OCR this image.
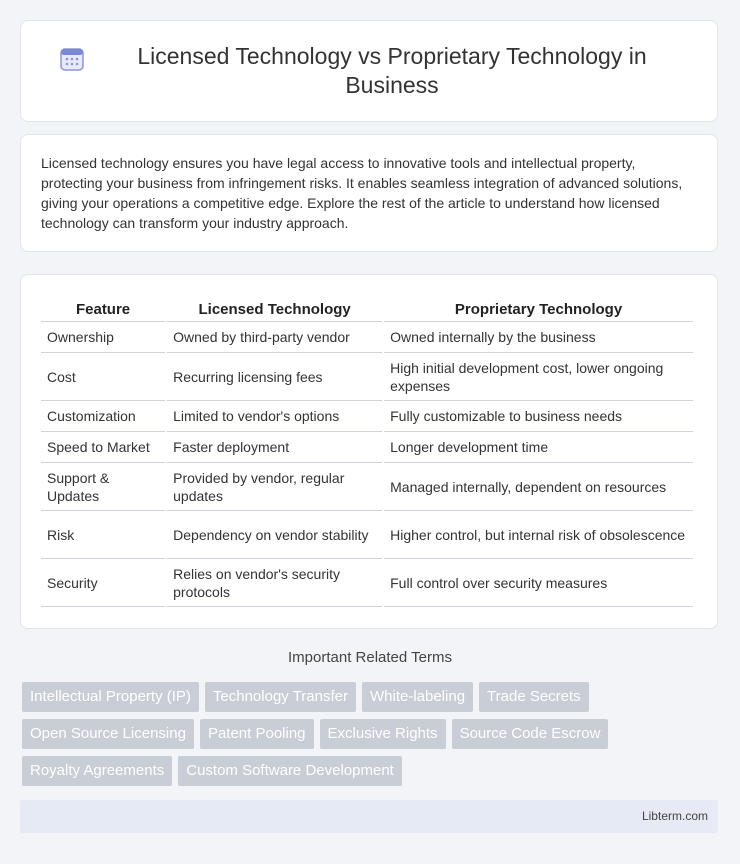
Licensed Technology vs Proprietary Technology in Business

Licensed technology ensures you have legal access to innovative tools and intellectual property, protecting your business from infringement risks. It enables seamless integration of advanced solutions, giving your operations a competitive edge. Explore the rest of the article to understand how licensed technology can transform your industry approach.

Feature	Licensed Technology	Proprietary Technology
Ownership	Owned by third-party vendor	Owned internally by the business
Cost	Recurring licensing fees	High initial development cost, lower ongoing expenses
Customization	Limited to vendor's options	Fully customizable to business needs
Speed to Market	Faster deployment	Longer development time
Support & Updates	Provided by vendor, regular updates	Managed internally, dependent on resources
Risk	Dependency on vendor stability	Higher control, but internal risk of obsolescence
Security	Relies on vendor's security protocols	Full control over security measures
Important Related Terms
Intellectual Property (IP)	Technology Transfer	White-labeling	Trade Secrets
Open Source Licensing	Patent Pooling	Exclusive Rights	Source Code Escrow
Royalty Agreements	Custom Software Development
Libterm.com
